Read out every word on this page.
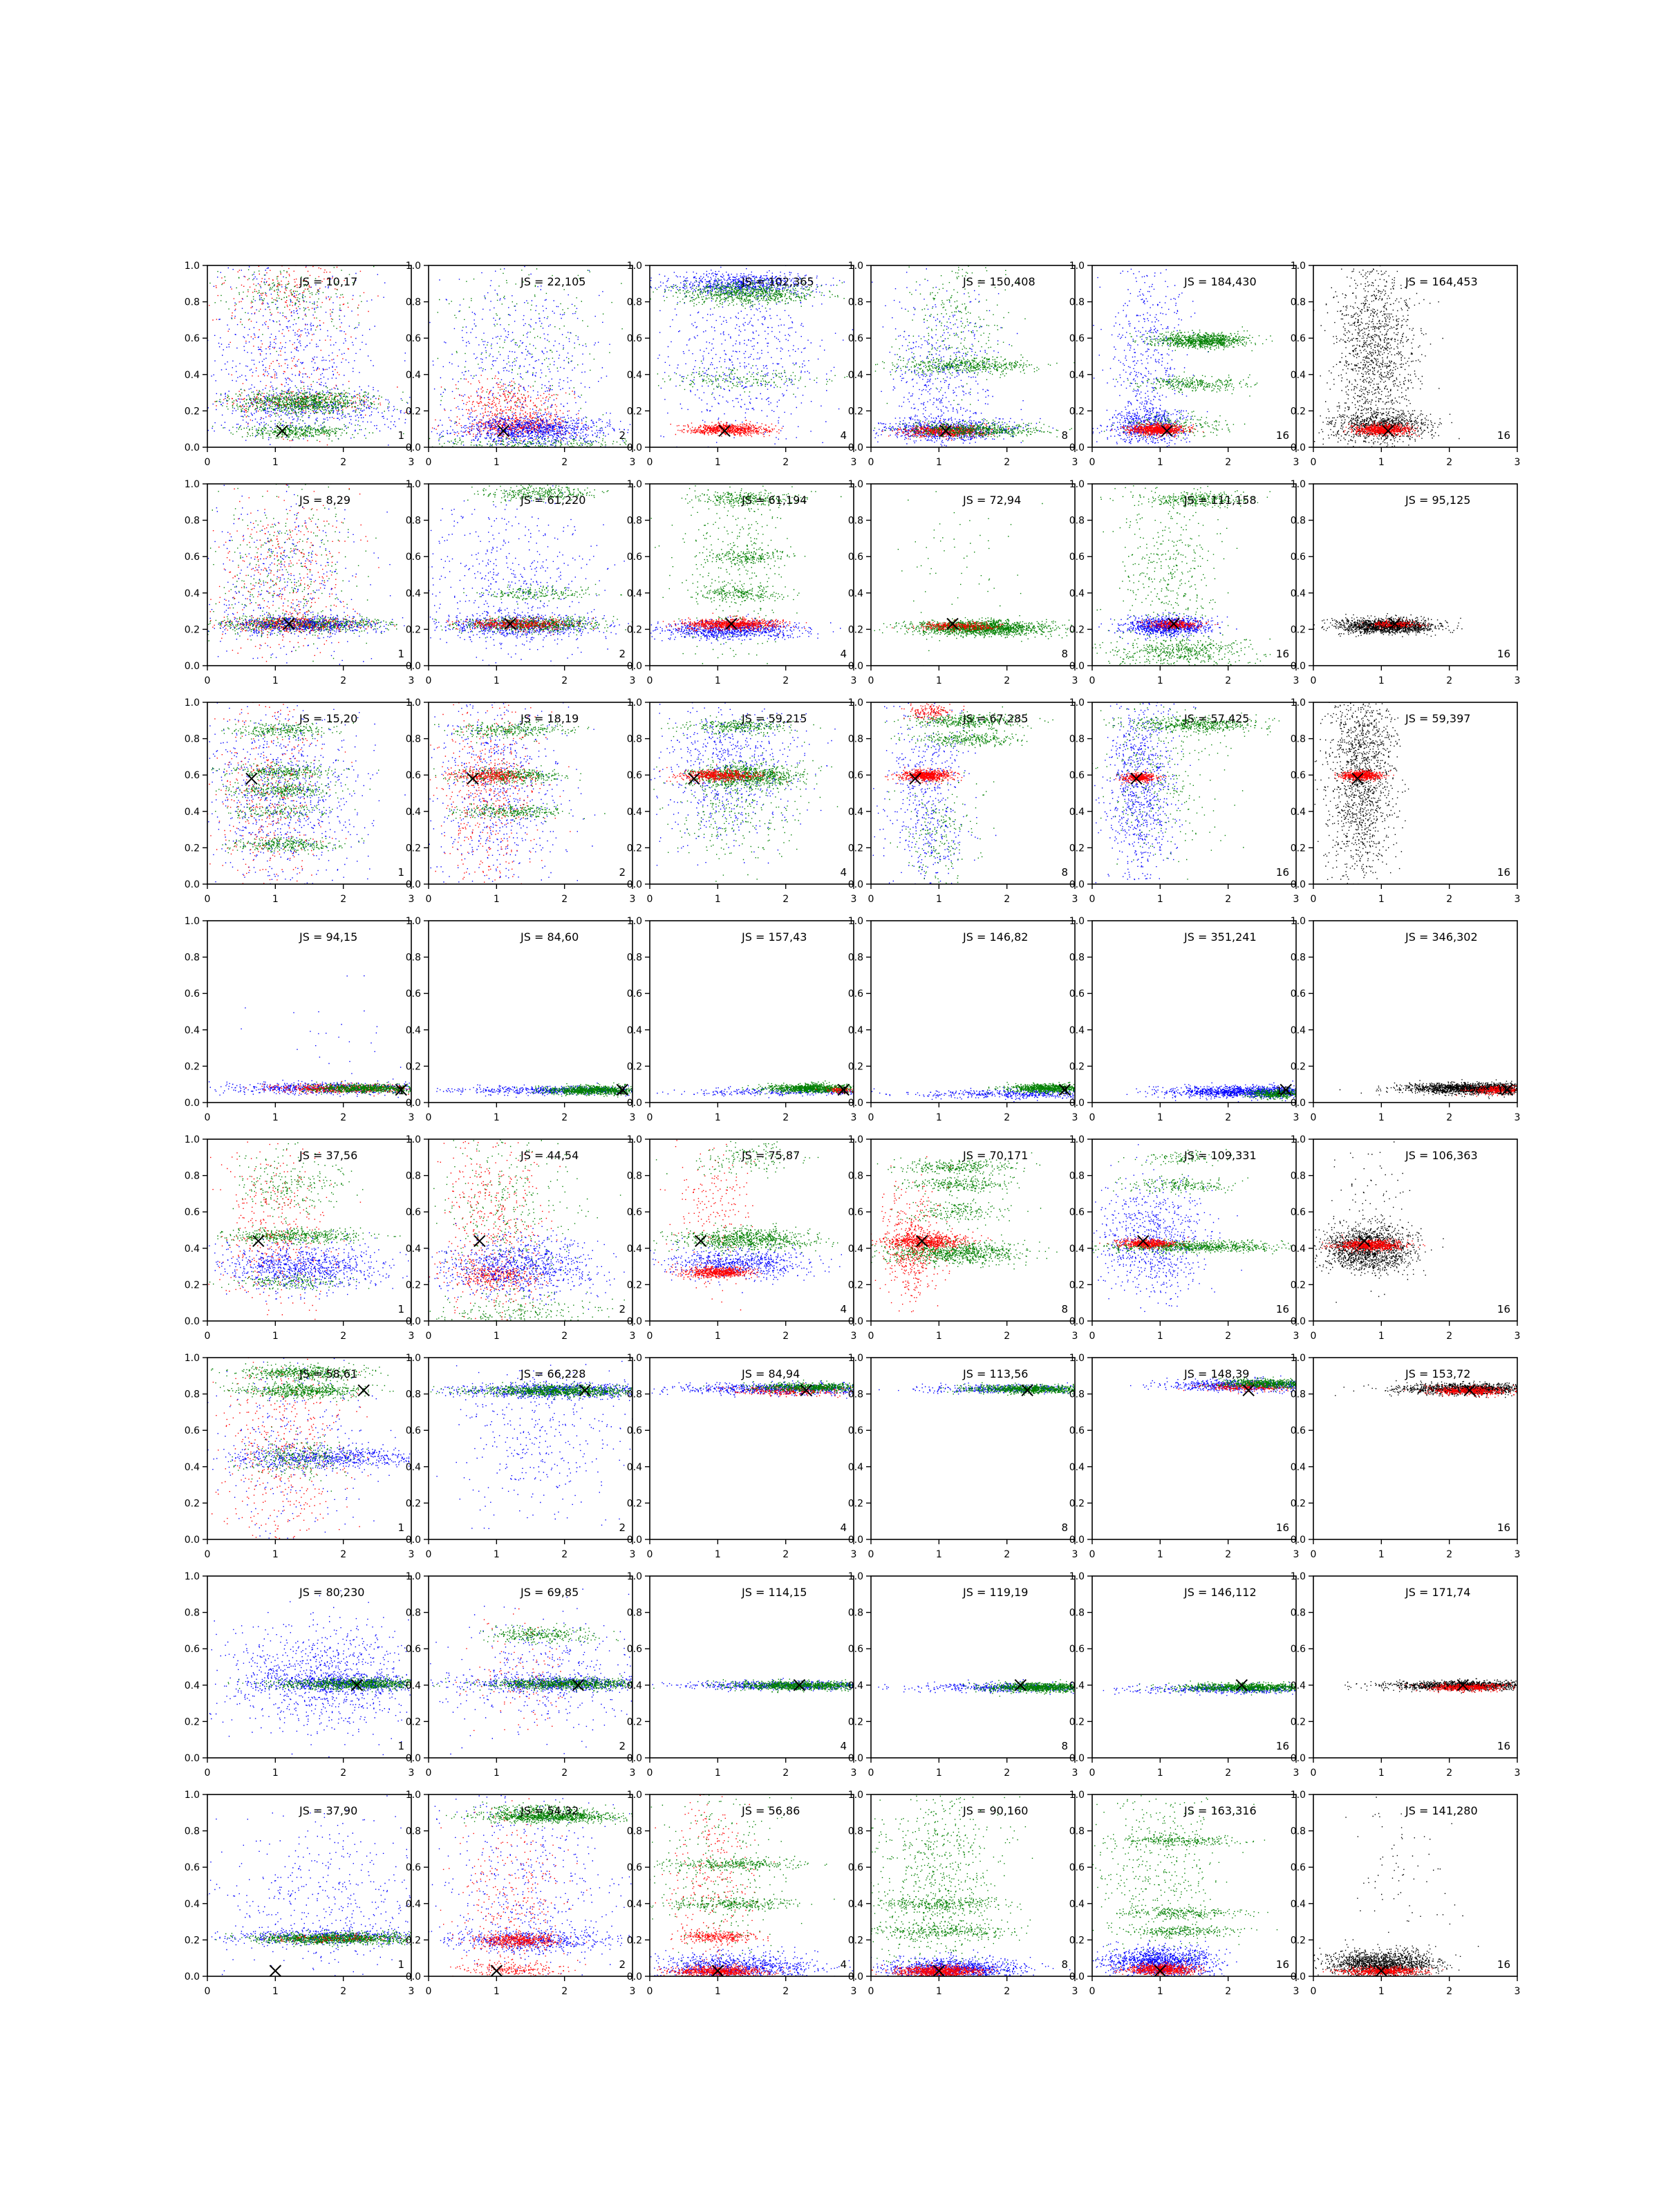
0	1	2	3
0.0
0.2
0.4
0.6
0.8
1.0
JS = 10,17
1
0	1	2	3
0.0
0.2
0.4
0.6
0.8
1.0
JS = 22,105
2
0	1	2	3
0.0
0.2
0.4
0.6
0.8
1.0
JS = 102,365
4
0	1	2	3
0.0
0.2
0.4
0.6
0.8
1.0
JS = 150,408
8
0	1	2	3
0.0
0.2
0.4
0.6
0.8
1.0
JS = 184,430
16
0	1	2	3
0.0
0.2
0.4
0.6
0.8
1.0
JS = 164,453
16
0	1	2	3
0.0
0.2
0.4
0.6
0.8
1.0
JS = 8,29
1
0	1	2	3
0.0
0.2
0.4
0.6
0.8
1.0
JS = 61,220
2
0	1	2	3
0.0
0.2
0.4
0.6
0.8
1.0
JS = 61,194
4
0	1	2	3
0.0
0.2
0.4
0.6
0.8
1.0
JS = 72,94
8
0	1	2	3
0.0
0.2
0.4
0.6
0.8
1.0
JS = 111,158
16
0	1	2	3
0.0
0.2
0.4
0.6
0.8
1.0
JS = 95,125
16
0	1	2	3
0.0
0.2
0.4
0.6
0.8
1.0
JS = 15,20
1
0	1	2	3
0.0
0.2
0.4
0.6
0.8
1.0
JS = 18,19
2
0	1	2	3
0.0
0.2
0.4
0.6
0.8
1.0
JS = 59,215
4
0	1	2	3
0.0
0.2
0.4
0.6
0.8
1.0
JS = 67,285
8
0	1	2	3
0.0
0.2
0.4
0.6
0.8
1.0
JS = 57,425
16
0	1	2	3
0.0
0.2
0.4
0.6
0.8
1.0
JS = 59,397
16
0	1	2	3
0.0
0.2
0.4
0.6
0.8
1.0
JS = 94,15
1
0	1	2	3
0.0
0.2
0.4
0.6
0.8
1.0
JS = 84,60
2
0	1	2	3
0.0
0.2
0.4
0.6
0.8
1.0
JS = 157,43
4
0	1	2	3
0.0
0.2
0.4
0.6
0.8
1.0
JS = 146,82
8
0	1	2	3
0.0
0.2
0.4
0.6
0.8
1.0
JS = 351,241
16
0	1	2	3
0.0
0.2
0.4
0.6
0.8
1.0
JS = 346,302
16
0	1	2	3
0.0
0.2
0.4
0.6
0.8
1.0
JS = 37,56
1
0	1	2	3
0.0
0.2
0.4
0.6
0.8
1.0
JS = 44,54
2
0	1	2	3
0.0
0.2
0.4
0.6
0.8
1.0
JS = 75,87
4
0	1	2	3
0.0
0.2
0.4
0.6
0.8
1.0
JS = 70,171
8
0	1	2	3
0.0
0.2
0.4
0.6
0.8
1.0
JS = 109,331
16
0	1	2	3
0.0
0.2
0.4
0.6
0.8
1.0
JS = 106,363
16
0	1	2	3
0.0
0.2
0.4
0.6
0.8
1.0
JS = 58,61
1
0	1	2	3
0.0
0.2
0.4
0.6
0.8
1.0
JS = 66,228
2
0	1	2	3
0.0
0.2
0.4
0.6
0.8
1.0
JS = 84,94
4
0	1	2	3
0.0
0.2
0.4
0.6
0.8
1.0
JS = 113,56
8
0	1	2	3
0.0
0.2
0.4
0.6
0.8
1.0
JS = 148,39
16
0	1	2	3
0.0
0.2
0.4
0.6
0.8
1.0
JS = 153,72
16
0	1	2	3
0.0
0.2
0.4
0.6
0.8
1.0
JS = 80,230
1
0	1	2	3
0.0
0.2
0.4
0.6
0.8
1.0
JS = 69,85
2
0	1	2	3
0.0
0.2
0.4
0.6
0.8
1.0
JS = 114,15
4
0	1	2	3
0.0
0.2
0.4
0.6
0.8
1.0
JS = 119,19
8
0	1	2	3
0.0
0.2
0.4
0.6
0.8
1.0
JS = 146,112
16
0	1	2	3
0.0
0.2
0.4
0.6
0.8
1.0
JS = 171,74
16
0	1	2	3
0.0
0.2
0.4
0.6
0.8
1.0
JS = 37,90
1
0	1	2	3
0.0
0.2
0.4
0.6
0.8
1.0
JS = 54,32
2
0	1	2	3
0.0
0.2
0.4
0.6
0.8
1.0
JS = 56,86
4
0	1	2	3
0.0
0.2
0.4
0.6
0.8
1.0
JS = 90,160
8
0	1	2	3
0.0
0.2
0.4
0.6
0.8
1.0
JS = 163,316
16
0	1	2	3
0.0
0.2
0.4
0.6
0.8
1.0
JS = 141,280
16
